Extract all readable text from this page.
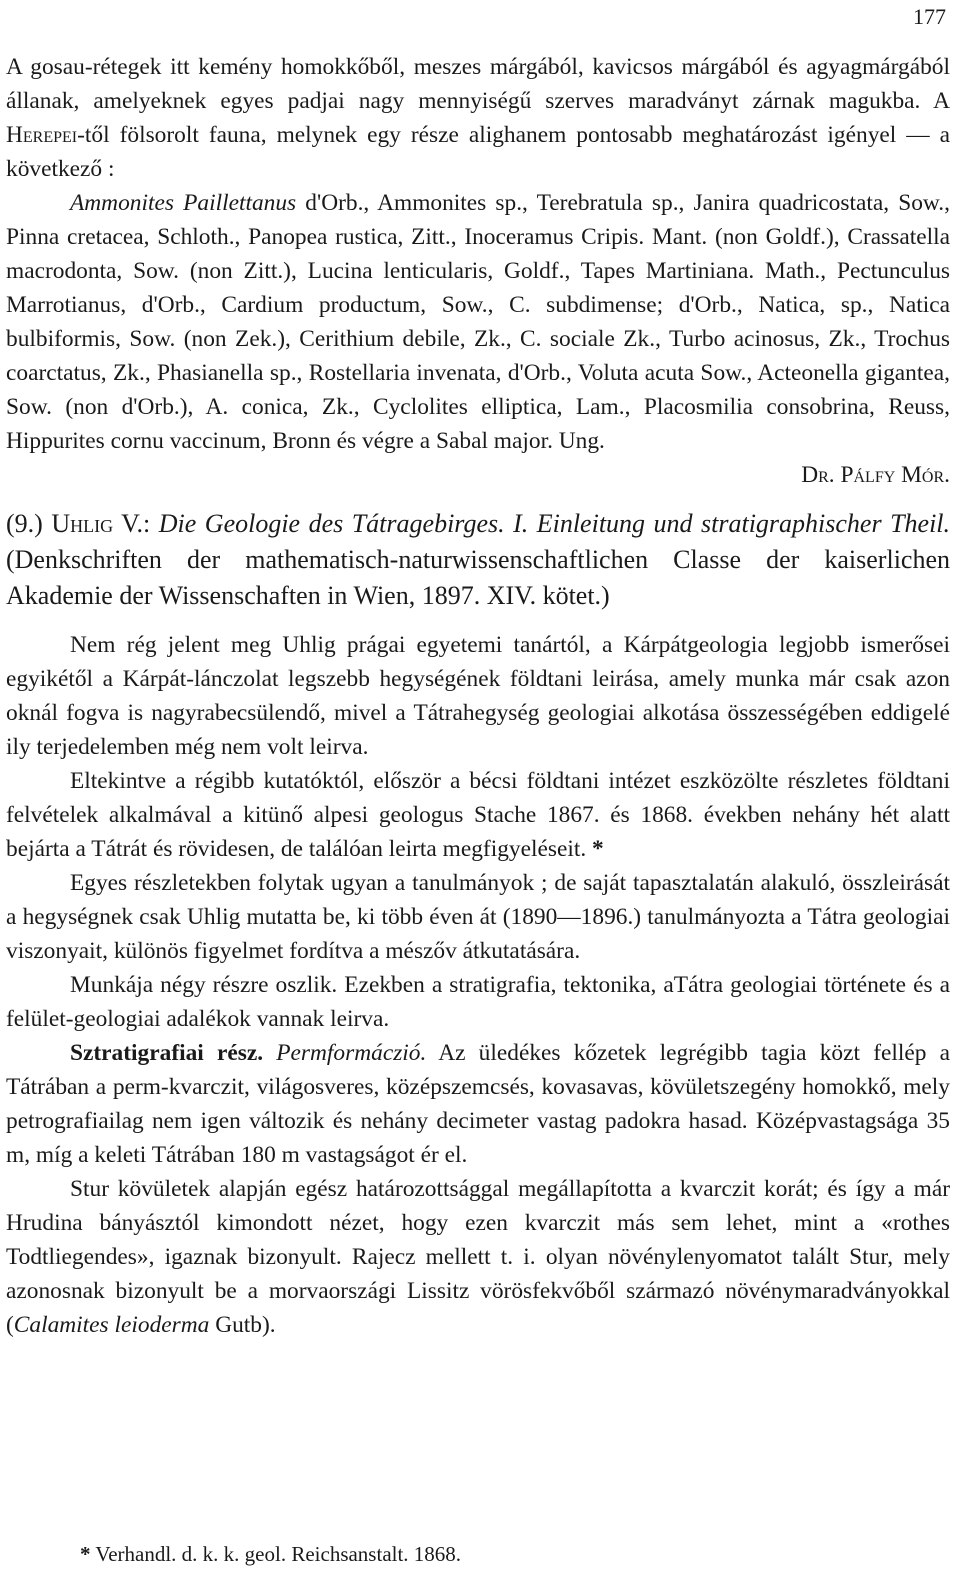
177

A gosau-rétegek itt kemény homokkőből, meszes márgából, kavicsos márgából és agyagmárgából állanak, amelyeknek egyes padjai nagy mennyiségű szerves maradványt zárnak magukba. A Herepei-től fölsorolt fauna, melynek egy része alighanem pontosabb meghatározást igényel — a következő :

Ammonites Paillettanus d'Orb., Ammonites sp., Terebratula sp., Janira quadricostata, Sow., Pinna cretacea, Schloth., Panopea rustica, Zitt., Inoceramus Cripis. Mant. (non Goldf.), Crassatella macrodonta, Sow. (non Zitt.), Lucina lenticularis, Goldf., Tapes Martiniana. Math., Pectunculus Marrotianus, d'Orb., Cardium productum, Sow., C. subdimense; d'Orb., Natica, sp., Natica bulbiformis, Sow. (non Zek.), Cerithium debile, Zk., C. sociale Zk., Turbo acinosus, Zk., Trochus coarctatus, Zk., Phasianella sp., Rostellaria invenata, d'Orb., Voluta acuta Sow., Acteonella gigantea, Sow. (non d'Orb.), A. conica, Zk., Cyclolites elliptica, Lam., Placosmilia consobrina, Reuss, Hippurites cornu vaccinum, Bronn és végre a Sabal major. Ung.

Dr. Pálfy Mór.

(9.) Uhlig V.: Die Geologie des Tátragebirges. I. Einleitung und stratigraphischer Theil. (Denkschriften der mathematisch-naturwissenschaftlichen Classe der kaiserlichen Akademie der Wissenschaften in Wien, 1897. XIV. kötet.)

Nem rég jelent meg Uhlig prágai egyetemi tanártól, a Kárpátgeologia legjobb ismerősei egyikétől a Kárpát-lánczolat legszebb hegységének földtani leirása, amely munka már csak azon oknál fogva is nagyrabecsülendő, mivel a Tátrahegység geologiai alkotása összességében eddigelé ily terjedelemben még nem volt leirva.

Eltekintve a régibb kutatóktól, először a bécsi földtani intézet eszközölte részletes földtani felvételek alkalmával a kitünő alpesi geologus Stache 1867. és 1868. években nehány hét alatt bejárta a Tátrát és rövidesen, de találóan leirta megfigyeléseit. *

Egyes részletekben folytak ugyan a tanulmányok ; de saját tapasztalatán alakuló, összleirását a hegységnek csak Uhlig mutatta be, ki több éven át (1890—1896.) tanulmányozta a Tátra geologiai viszonyait, különös figyelmet fordítva a mészőv átkutatására.

Munkája négy részre oszlik. Ezekben a stratigrafia, tektonika, aTátra geologiai története és a felület-geologiai adalékok vannak leirva.

Sztratigrafiai rész. Permformáczió. Az üledékes kőzetek legrégibb tagia közt fellép a Tátrában a perm-kvarczit, világosveres, középszemcsés, kovasavas, kövületszegény homokkő, mely petrografiailag nem igen változik és nehány decimeter vastag padokra hasad. Középvastagsága 35 m, míg a keleti Tátrában 180 m vastagságot ér el.

Stur kövületek alapján egész határozottsággal megállapította a kvarczit korát; és így a már Hrudina bányásztól kimondott nézet, hogy ezen kvarczit más sem lehet, mint a «rothes Todtliegendes», igaznak bizonyult. Rajecz mellett t. i. olyan növénylenyomatot talált Stur, mely azonosnak bizonyult be a morvaországi Lissitz vörösfekvőből származó növénymaradványokkal (Calamites leioderma Gutb).

* Verhandl. d. k. k. geol. Reichsanstalt. 1868.
